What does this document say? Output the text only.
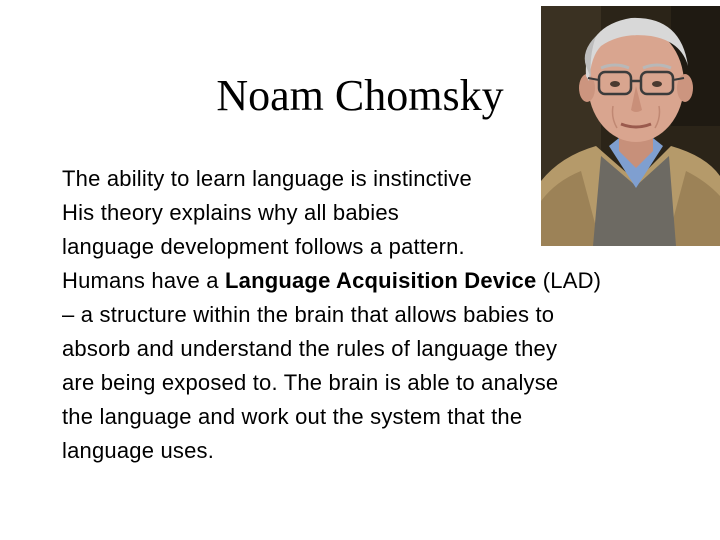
Noam Chomsky
The ability to learn language is instinctive
His theory explains why all babies
language development follows a pattern.
Humans have a Language Acquisition Device (LAD)
– a structure within the brain that allows babies to
absorb and understand the rules of language they
are being exposed to. The brain is able to analyse
the language and work out the system that the
language uses.
